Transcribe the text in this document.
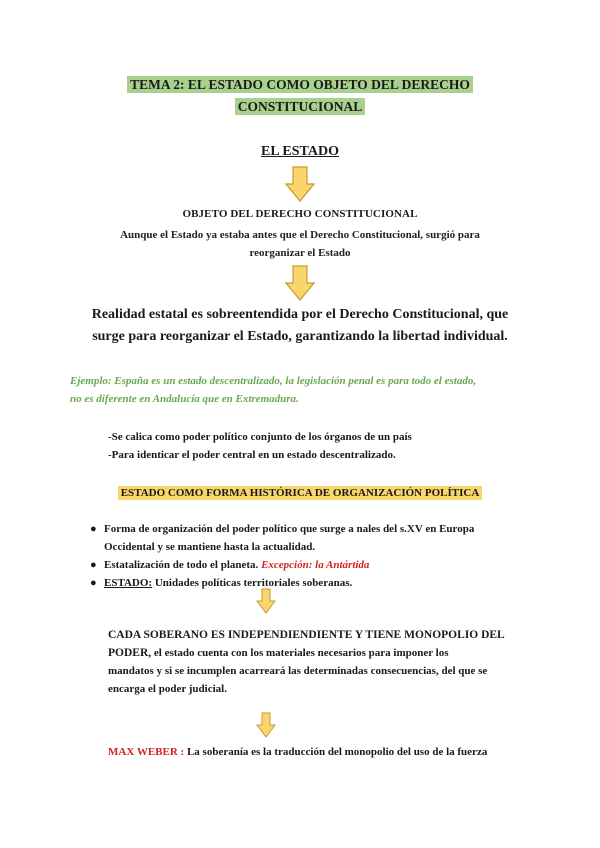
TEMA 2: EL ESTADO COMO OBJETO DEL DERECHO
CONSTITUCIONAL
EL ESTADO
OBJETO DEL DERECHO CONSTITUCIONAL
Aunque el Estado ya estaba antes que el Derecho Constitucional, surgió para
reorganizar el Estado
Realidad estatal es sobreentendida por el Derecho Constitucional, que
surge para reorganizar el Estado, garantizando la libertad individual.
Ejemplo: España es un estado descentralizado, la legislación penal es para todo el estado,
no es diferente en Andalucía que en Extremadura.
-Se calica como poder político conjunto de los órganos de un país
-Para identicar el poder central en un estado descentralizado.
ESTADO COMO FORMA HISTÓRICA DE ORGANIZACIÓN POLÍTICA
● Forma de organización del poder político que surge a nales del s.XV en Europa
Occidental y se mantiene hasta la actualidad.
● Estatalización de todo el planeta. Excepción: la Antártida
● ESTADO: Unidades políticas territoriales soberanas.
CADA SOBERANO ES INDEPENDIENDIENTE Y TIENE MONOPOLIO DEL
PODER, el estado cuenta con los materiales necesarios para imponer los
mandatos y si se incumplen acarreará las determinadas consecuencias, del que se
encarga el poder judicial.
MAX WEBER : La soberanía es la traducción del monopolio del uso de la fuerza
